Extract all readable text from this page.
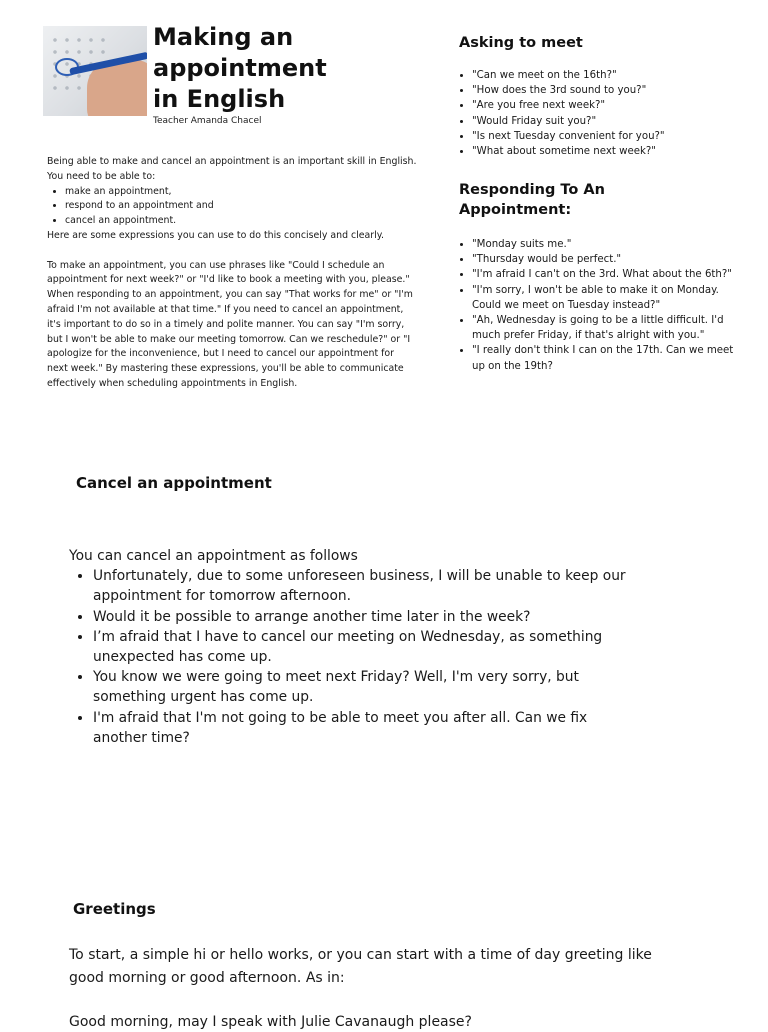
Making an
appointment
in English
Teacher Amanda Chacel

Being able to make and cancel an appointment is an important skill in English. You need to be able to:

• make an appointment,
• respond to an appointment and
• cancel an appointment.

Here are some expressions you can use to do this concisely and clearly.

To make an appointment, you can use phrases like "Could I schedule an appointment for next week?" or "I'd like to book a meeting with you, please." When responding to an appointment, you can say "That works for me" or "I'm afraid I'm not available at that time." If you need to cancel an appointment, it's important to do so in a timely and polite manner. You can say "I'm sorry, but I won't be able to make our meeting tomorrow. Can we reschedule?" or "I apologize for the inconvenience, but I need to cancel our appointment for next week." By mastering these expressions, you'll be able to communicate effectively when scheduling appointments in English.

Asking to meet
• "Can we meet on the 16th?"
• "How does the 3rd sound to you?"
• "Are you free next week?"
• "Would Friday suit you?"
• "Is next Tuesday convenient for you?"
• "What about sometime next week?"
Responding To An
Appointment:
• "Monday suits me."
• "Thursday would be perfect."
• "I'm afraid I can't on the 3rd. What about the 6th?"
• "I'm sorry, I won't be able to make it on Monday. Could we meet on Tuesday instead?"
• "Ah, Wednesday is going to be a little difficult. I'd much prefer Friday, if that's alright with you."
• "I really don't think I can on the 17th. Can we meet up on the 19th?
Cancel an appointment
You can cancel an appointment as follows
• Unfortunately, due to some unforeseen business, I will be unable to keep our appointment for tomorrow afternoon.
• Would it be possible to arrange another time later in the week?
• I’m afraid that I have to cancel our meeting on Wednesday, as something unexpected has come up.
• You know we were going to meet next Friday? Well, I'm very sorry, but something urgent has come up.
• I'm afraid that I'm not going to be able to meet you after all. Can we fix another time?
Greetings
To start, a simple hi or hello works, or you can start with a time of day greeting like good morning or good afternoon. As in:
Good morning, may I speak with Julie Cavanaugh please?
